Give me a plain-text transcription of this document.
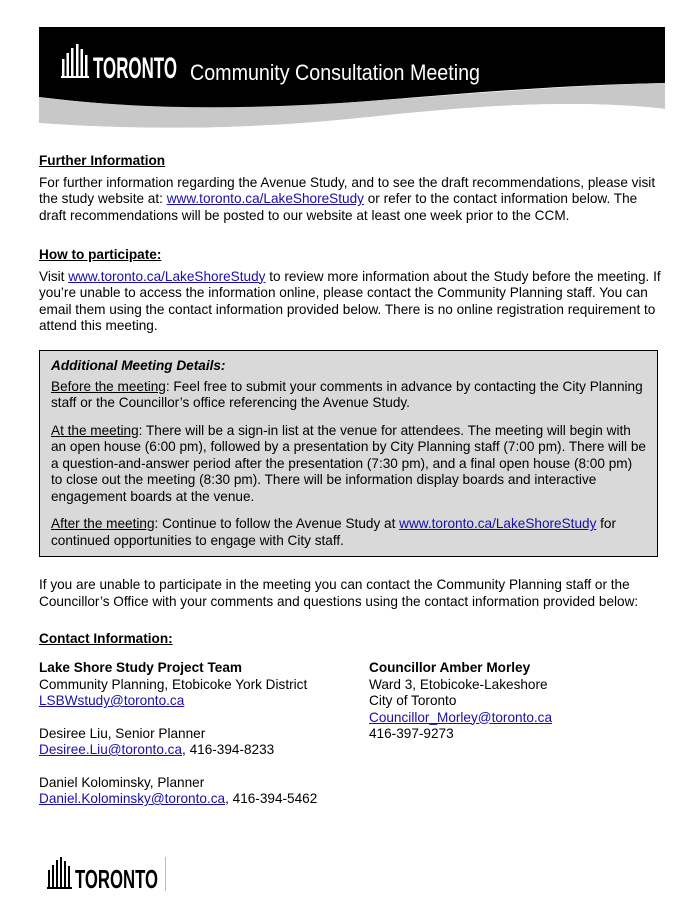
TORONTO Community Consultation Meeting

Further Information

For further information regarding the Avenue Study, and to see the draft recommendations, please visit the study website at: www.toronto.ca/LakeShoreStudy or refer to the contact information below. The draft recommendations will be posted to our website at least one week prior to the CCM.

How to participate:

Visit www.toronto.ca/LakeShoreStudy to review more information about the Study before the meeting. If you’re unable to access the information online, please contact the Community Planning staff. You can email them using the contact information provided below. There is no online registration requirement to attend this meeting.

Additional Meeting Details:

Before the meeting: Feel free to submit your comments in advance by contacting the City Planning staff or the Councillor’s office referencing the Avenue Study.

At the meeting: There will be a sign-in list at the venue for attendees. The meeting will begin with an open house (6:00 pm), followed by a presentation by City Planning staff (7:00 pm). There will be a question-and-answer period after the presentation (7:30 pm), and a final open house (8:00 pm) to close out the meeting (8:30 pm). There will be information display boards and interactive engagement boards at the venue.

After the meeting: Continue to follow the Avenue Study at www.toronto.ca/LakeShoreStudy for continued opportunities to engage with City staff.

If you are unable to participate in the meeting you can contact the Community Planning staff or the Councillor’s Office with your comments and questions using the contact information provided below:

Contact Information:

Lake Shore Study Project Team
Community Planning, Etobicoke York District
LSBWstudy@toronto.ca
Desiree Liu, Senior Planner
Desiree.Liu@toronto.ca, 416-394-8233
Daniel Kolominsky, Planner
Daniel.Kolominsky@toronto.ca, 416-394-5462
Councillor Amber Morley
Ward 3, Etobicoke-Lakeshore
City of Toronto
Councillor_Morley@toronto.ca
416-397-9273
TORONTO
